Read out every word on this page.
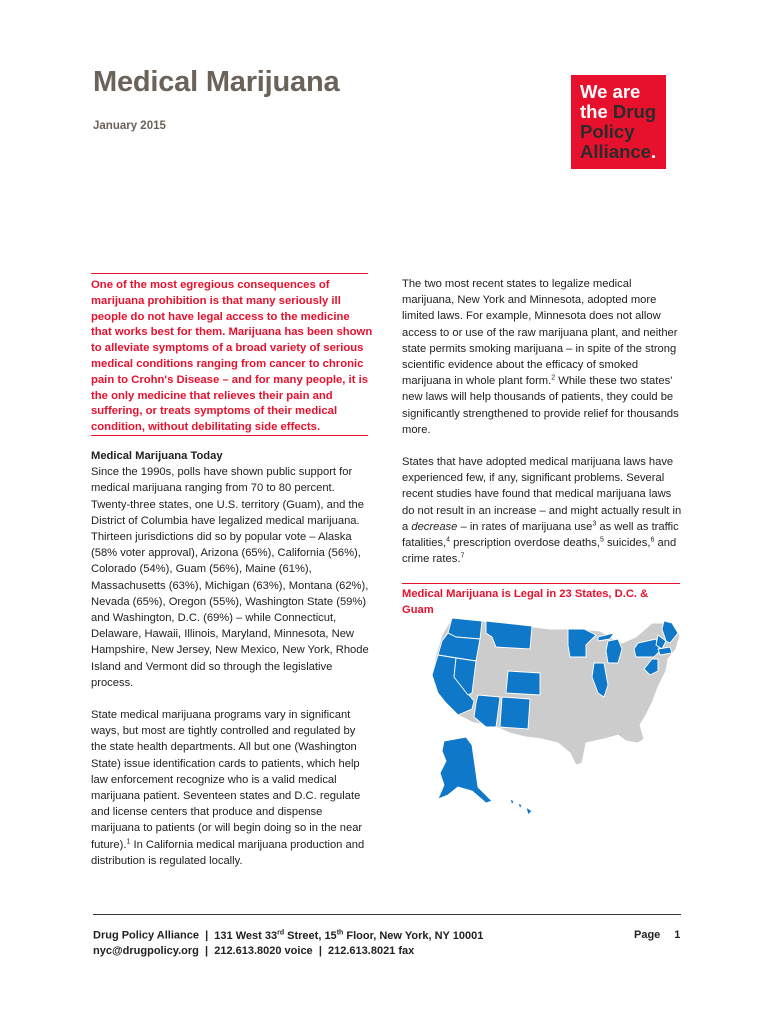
Medical Marijuana
January 2015
We are
the Drug
Policy
Alliance.
One of the most egregious consequences of marijuana prohibition is that many seriously ill people do not have legal access to the medicine that works best for them. Marijuana has been shown to alleviate symptoms of a broad variety of serious medical conditions ranging from cancer to chronic pain to Crohn's Disease – and for many people, it is the only medicine that relieves their pain and suffering, or treats symptoms of their medical condition, without debilitating side effects.
Medical Marijuana Today

Since the 1990s, polls have shown public support for medical marijuana ranging from 70 to 80 percent. Twenty-three states, one U.S. territory (Guam), and the District of Columbia have legalized medical marijuana. Thirteen jurisdictions did so by popular vote – Alaska (58% voter approval), Arizona (65%), California (56%), Colorado (54%), Guam (56%), Maine (61%), Massachusetts (63%), Michigan (63%), Montana (62%), Nevada (65%), Oregon (55%), Washington State (59%) and Washington, D.C. (69%) – while Connecticut, Delaware, Hawaii, Illinois, Maryland, Minnesota, New Hampshire, New Jersey, New Mexico, New York, Rhode Island and Vermont did so through the legislative process.

State medical marijuana programs vary in significant ways, but most are tightly controlled and regulated by the state health departments. All but one (Washington State) issue identification cards to patients, which help law enforcement recognize who is a valid medical marijuana patient. Seventeen states and D.C. regulate and license centers that produce and dispense marijuana to patients (or will begin doing so in the near future).$^1$ In California medical marijuana production and distribution is regulated locally.

The two most recent states to legalize medical marijuana, New York and Minnesota, adopted more limited laws. For example, Minnesota does not allow access to or use of the raw marijuana plant, and neither state permits smoking marijuana – in spite of the strong scientific evidence about the efficacy of smoked marijuana in whole plant form.$^2$ While these two states' new laws will help thousands of patients, they could be significantly strengthened to provide relief for thousands more.

States that have adopted medical marijuana laws have experienced few, if any, significant problems. Several recent studies have found that medical marijuana laws do not result in an increase – and might actually result in a decrease – in rates of marijuana use$^3$ as well as traffic fatalities,$^4$ prescription overdose deaths,$^5$ suicides,$^6$ and crime rates.$^7$

Medical Marijuana is Legal in 23 States, D.C. & Guam
Drug Policy Alliance | 131 West 33rd Street, 15th Floor, New York, NY 10001
nyc@drugpolicy.org | 212.613.8020 voice | 212.613.8021 fax
Page 1
